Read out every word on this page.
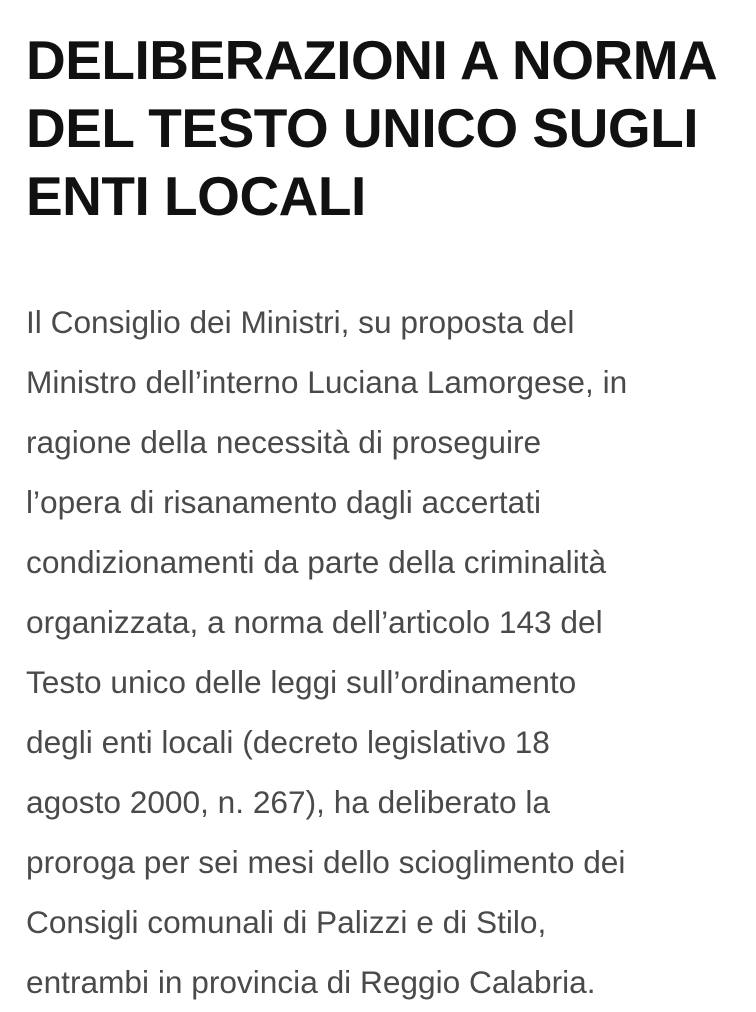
DELIBERAZIONI A NORMA
DEL TESTO UNICO SUGLI
ENTI LOCALI

Il Consiglio dei Ministri, su proposta del
Ministro dell’interno Luciana Lamorgese, in
ragione della necessità di proseguire
l’opera di risanamento dagli accertati
condizionamenti da parte della criminalità
organizzata, a norma dell’articolo 143 del
Testo unico delle leggi sull’ordinamento
degli enti locali (decreto legislativo 18
agosto 2000, n. 267), ha deliberato la
proroga per sei mesi dello scioglimento dei
Consigli comunali di Palizzi e di Stilo,
entrambi in provincia di Reggio Calabria.
